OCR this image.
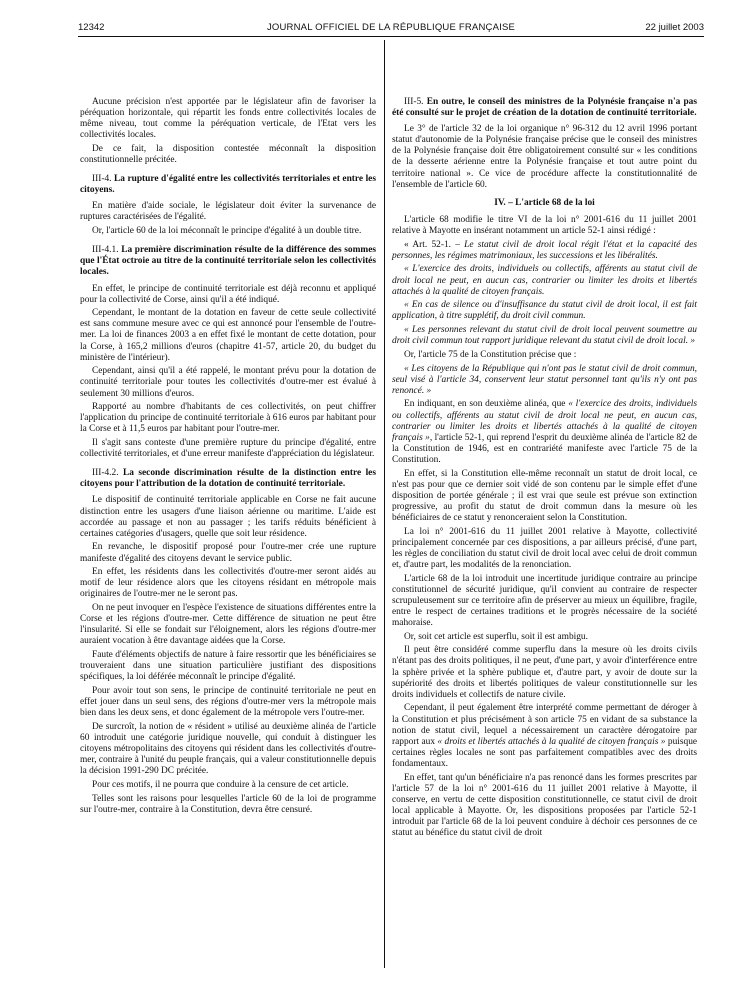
12342	JOURNAL OFFICIEL DE LA RÉPUBLIQUE FRANÇAISE	22 juillet 2003

Aucune précision n'est apportée par le législateur afin de favoriser la péréquation horizontale, qui répartit les fonds entre collectivités locales de même niveau, tout comme la péréquation verticale, de l'Etat vers les collectivités locales.

De ce fait, la disposition contestée méconnaît la disposition constitutionnelle précitée.

III-4. La rupture d'égalité entre les collectivités territoriales et entre les citoyens.

En matière d'aide sociale, le législateur doit éviter la survenance de ruptures caractérisées de l'égalité.

Or, l'article 60 de la loi méconnaît le principe d'égalité à un double titre.

III-4.1. La première discrimination résulte de la différence des sommes que l'État octroie au titre de la continuité territoriale selon les collectivités locales.

En effet, le principe de continuité territoriale est déjà reconnu et appliqué pour la collectivité de Corse, ainsi qu'il a été indiqué.

Cependant, le montant de la dotation en faveur de cette seule collectivité est sans commune mesure avec ce qui est annoncé pour l'ensemble de l'outre-mer. La loi de finances 2003 a en effet fixé le montant de cette dotation, pour la Corse, à 165,2 millions d'euros (chapitre 41-57, article 20, du budget du ministère de l'intérieur).

Cependant, ainsi qu'il a été rappelé, le montant prévu pour la dotation de continuité territoriale pour toutes les collectivités d'outre-mer est évalué à seulement 30 millions d'euros.

Rapporté au nombre d'habitants de ces collectivités, on peut chiffrer l'application du principe de continuité territoriale à 616 euros par habitant pour la Corse et à 11,5 euros par habitant pour l'outre-mer.

Il s'agit sans conteste d'une première rupture du principe d'égalité, entre collectivité territoriales, et d'une erreur manifeste d'appréciation du législateur.

III-4.2. La seconde discrimination résulte de la distinction entre les citoyens pour l'attribution de la dotation de continuité territoriale.

Le dispositif de continuité territoriale applicable en Corse ne fait aucune distinction entre les usagers d'une liaison aérienne ou maritime. L'aide est accordée au passage et non au passager ; les tarifs réduits bénéficient à certaines catégories d'usagers, quelle que soit leur résidence.

En revanche, le dispositif proposé pour l'outre-mer crée une rupture manifeste d'égalité des citoyens devant le service public.

En effet, les résidents dans les collectivités d'outre-mer seront aidés au motif de leur résidence alors que les citoyens résidant en métropole mais originaires de l'outre-mer ne le seront pas.

On ne peut invoquer en l'espèce l'existence de situations différentes entre la Corse et les régions d'outre-mer. Cette différence de situation ne peut être l'insularité. Si elle se fondait sur l'éloignement, alors les régions d'outre-mer auraient vocation à être davantage aidées que la Corse.

Faute d'éléments objectifs de nature à faire ressortir que les bénéficiaires se trouveraient dans une situation particulière justifiant des dispositions spécifiques, la loi déférée méconnaît le principe d'égalité.

Pour avoir tout son sens, le principe de continuité territoriale ne peut en effet jouer dans un seul sens, des régions d'outre-mer vers la métropole mais bien dans les deux sens, et donc également de la métropole vers l'outre-mer.

De surcroît, la notion de « résident » utilisé au deuxième alinéa de l'article 60 introduit une catégorie juridique nouvelle, qui conduit à distinguer les citoyens métropolitains des citoyens qui résident dans les collectivités d'outre-mer, contraire à l'unité du peuple français, qui a valeur constitutionnelle depuis la décision 1991-290 DC précitée.

Pour ces motifs, il ne pourra que conduire à la censure de cet article.

Telles sont les raisons pour lesquelles l'article 60 de la loi de programme sur l'outre-mer, contraire à la Constitution, devra être censuré.

III-5. En outre, le conseil des ministres de la Polynésie française n'a pas été consulté sur le projet de création de la dotation de continuité territoriale.

Le 3° de l'article 32 de la loi organique n° 96-312 du 12 avril 1996 portant statut d'autonomie de la Polynésie française précise que le conseil des ministres de la Polynésie française doit être obligatoirement consulté sur « les conditions de la desserte aérienne entre la Polynésie française et tout autre point du territoire national ». Ce vice de procédure affecte la constitutionnalité de l'ensemble de l'article 60.

IV. – L'article 68 de la loi

L'article 68 modifie le titre VI de la loi n° 2001-616 du 11 juillet 2001 relative à Mayotte en insérant notamment un article 52-1 ainsi rédigé :

« Art. 52-1. – Le statut civil de droit local régit l'état et la capacité des personnes, les régimes matrimoniaux, les successions et les libéralités.

« L'exercice des droits, individuels ou collectifs, afférents au statut civil de droit local ne peut, en aucun cas, contrarier ou limiter les droits et libertés attachés à la qualité de citoyen français.

« En cas de silence ou d'insuffisance du statut civil de droit local, il est fait application, à titre supplétif, du droit civil commun.

« Les personnes relevant du statut civil de droit local peuvent soumettre au droit civil commun tout rapport juridique relevant du statut civil de droit local. »

Or, l'article 75 de la Constitution précise que :

« Les citoyens de la République qui n'ont pas le statut civil de droit commun, seul visé à l'article 34, conservent leur statut personnel tant qu'ils n'y ont pas renoncé. »

En indiquant, en son deuxième alinéa, que « l'exercice des droits, individuels ou collectifs, afférents au statut civil de droit local ne peut, en aucun cas, contrarier ou limiter les droits et libertés attachés à la qualité de citoyen français », l'article 52-1, qui reprend l'esprit du deuxième alinéa de l'article 82 de la Constitution de 1946, est en contrariété manifeste avec l'article 75 de la Constitution.

En effet, si la Constitution elle-même reconnaît un statut de droit local, ce n'est pas pour que ce dernier soit vidé de son contenu par le simple effet d'une disposition de portée générale ; il est vrai que seule est prévue son extinction progressive, au profit du statut de droit commun dans la mesure où les bénéficiaires de ce statut y renonceraient selon la Constitution.

La loi n° 2001-616 du 11 juillet 2001 relative à Mayotte, collectivité principalement concernée par ces dispositions, a par ailleurs précisé, d'une part, les règles de conciliation du statut civil de droit local avec celui de droit commun et, d'autre part, les modalités de la renonciation.

L'article 68 de la loi introduit une incertitude juridique contraire au principe constitutionnel de sécurité juridique, qu'il convient au contraire de respecter scrupuleusement sur ce territoire afin de préserver au mieux un équilibre, fragile, entre le respect de certaines traditions et le progrès nécessaire de la société mahoraise.

Or, soit cet article est superflu, soit il est ambigu.

Il peut être considéré comme superflu dans la mesure où les droits civils n'étant pas des droits politiques, il ne peut, d'une part, y avoir d'interférence entre la sphère privée et la sphère publique et, d'autre part, y avoir de doute sur la supériorité des droits et libertés politiques de valeur constitutionnelle sur les droits individuels et collectifs de nature civile.

Cependant, il peut également être interprété comme permettant de déroger à la Constitution et plus précisément à son article 75 en vidant de sa substance la notion de statut civil, lequel a nécessairement un caractère dérogatoire par rapport aux « droits et libertés attachés à la qualité de citoyen français » puisque certaines règles locales ne sont pas parfaitement compatibles avec des droits fondamentaux.

En effet, tant qu'un bénéficiaire n'a pas renoncé dans les formes prescrites par l'article 57 de la loi n° 2001-616 du 11 juillet 2001 relative à Mayotte, il conserve, en vertu de cette disposition constitutionnelle, ce statut civil de droit local applicable à Mayotte. Or, les dispositions proposées par l'article 52-1 introduit par l'article 68 de la loi peuvent conduire à déchoir ces personnes de ce statut au bénéfice du statut civil de droit
